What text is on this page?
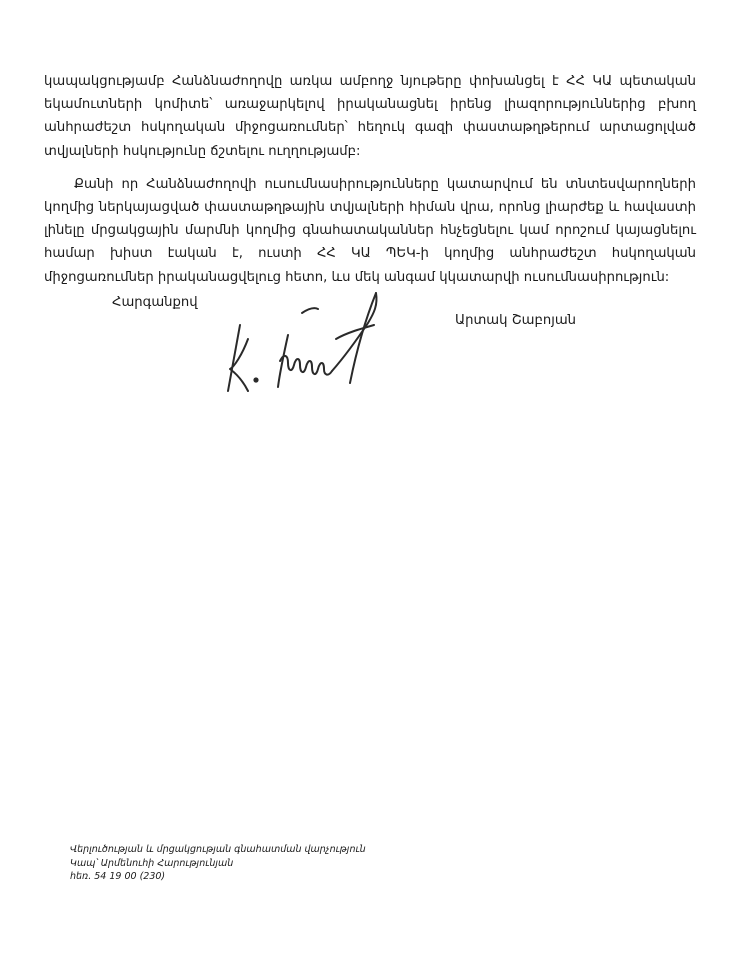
կապակցությամբ Հանձնաժողովը առկա ամբողջ նյութերը փոխանցել է ՀՀ ԿԱ պետական եկամուտների կոմիտե՝ առաջարկելով իրականացնել իրենց լիազորություններից բխող անհրաժեշտ հսկողական միջոցառումներ՝ հեղուկ գազի փաստաթղթերում արտացոլված տվյալների հսկությունը ճշտելու ուղղությամբ:

Քանի որ Հանձնաժողովի ուսումնասիրությունները կատարվում են տնտեսվարողների կողմից ներկայացված փաստաթղթային տվյալների հիման վրա, որոնց լիարժեք և հավաստի լինելը մրցակցային մարմնի կողմից գնահատականներ հնչեցնելու կամ որոշում կայացնելու համար խիստ էական է, ուստի ՀՀ ԿԱ ՊԵԿ-ի կողմից անհրաժեշտ հսկողական միջոցառումներ իրականացվելուց հետո, ևս մեկ անգամ կկատարվի ուսումնասիրություն:

Հարգանքով
Արտակ Շաբոյան
Վերլուծության և մրցակցության գնահատման վարչություն
Կապ՝ Արմենուհի Հարությունյան
հեռ. 54 19 00 (230)
